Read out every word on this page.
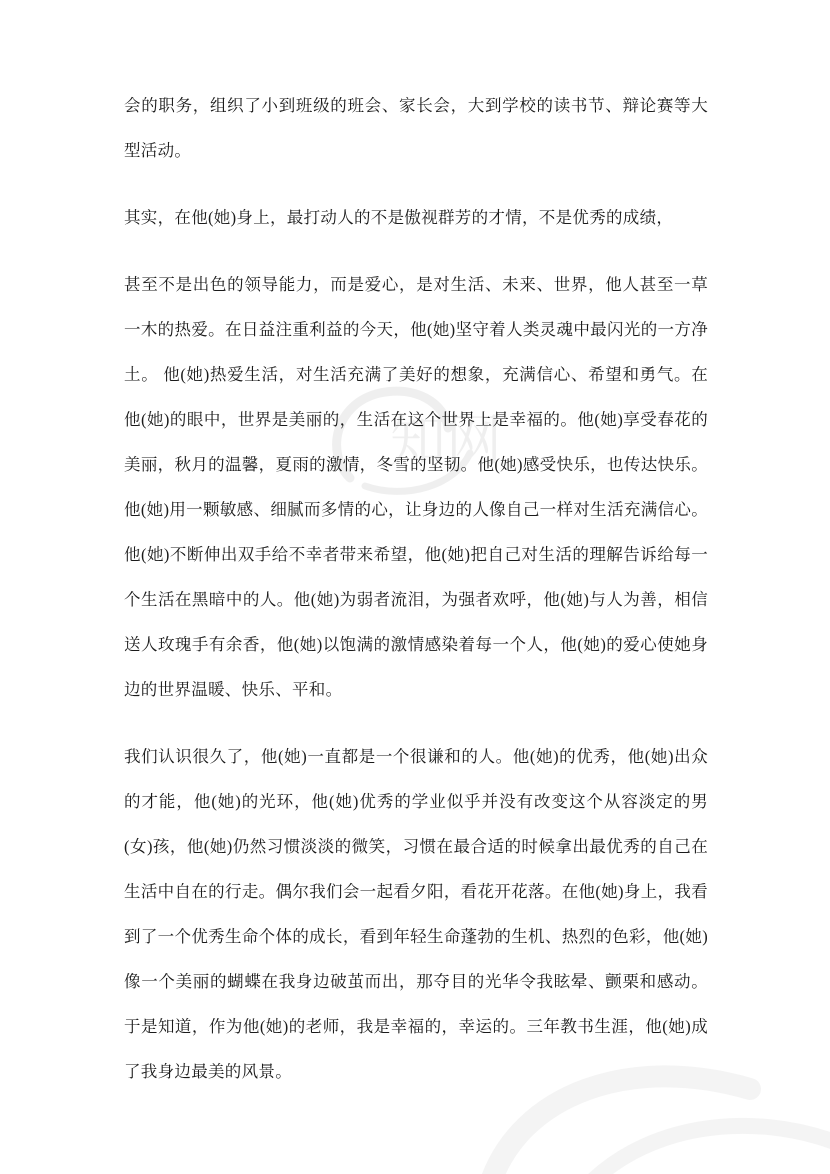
知网

会的职务，组织了小到班级的班会、家长会，大到学校的读书节、辩论赛等大型活动。

其实，在他(她)身上，最打动人的不是傲视群芳的才情，不是优秀的成绩，

甚至不是出色的领导能力，而是爱心，是对生活、未来、世界，他人甚至一草一木的热爱。在日益注重利益的今天，他(她)坚守着人类灵魂中最闪光的一方净土。 他(她)热爱生活，对生活充满了美好的想象，充满信心、希望和勇气。在他(她)的眼中，世界是美丽的，生活在这个世界上是幸福的。他(她)享受春花的美丽，秋月的温馨，夏雨的激情，冬雪的坚韧。他(她)感受快乐，也传达快乐。他(她)用一颗敏感、细腻而多情的心，让身边的人像自己一样对生活充满信心。他(她)不断伸出双手给不幸者带来希望，他(她)把自己对生活的理解告诉给每一个生活在黑暗中的人。他(她)为弱者流泪，为强者欢呼，他(她)与人为善，相信送人玫瑰手有余香，他(她)以饱满的激情感染着每一个人，他(她)的爱心使她身边的世界温暖、快乐、平和。

我们认识很久了，他(她)一直都是一个很谦和的人。他(她)的优秀，他(她)出众的才能，他(她)的光环，他(她)优秀的学业似乎并没有改变这个从容淡定的男(女)孩，他(她)仍然习惯淡淡的微笑，习惯在最合适的时候拿出最优秀的自己在生活中自在的行走。偶尔我们会一起看夕阳，看花开花落。在他(她)身上，我看到了一个优秀生命个体的成长，看到年轻生命蓬勃的生机、热烈的色彩，他(她)像一个美丽的蝴蝶在我身边破茧而出，那夺目的光华令我眩晕、颤栗和感动。于是知道，作为他(她)的老师，我是幸福的，幸运的。三年教书生涯，他(她)成了我身边最美的风景。
